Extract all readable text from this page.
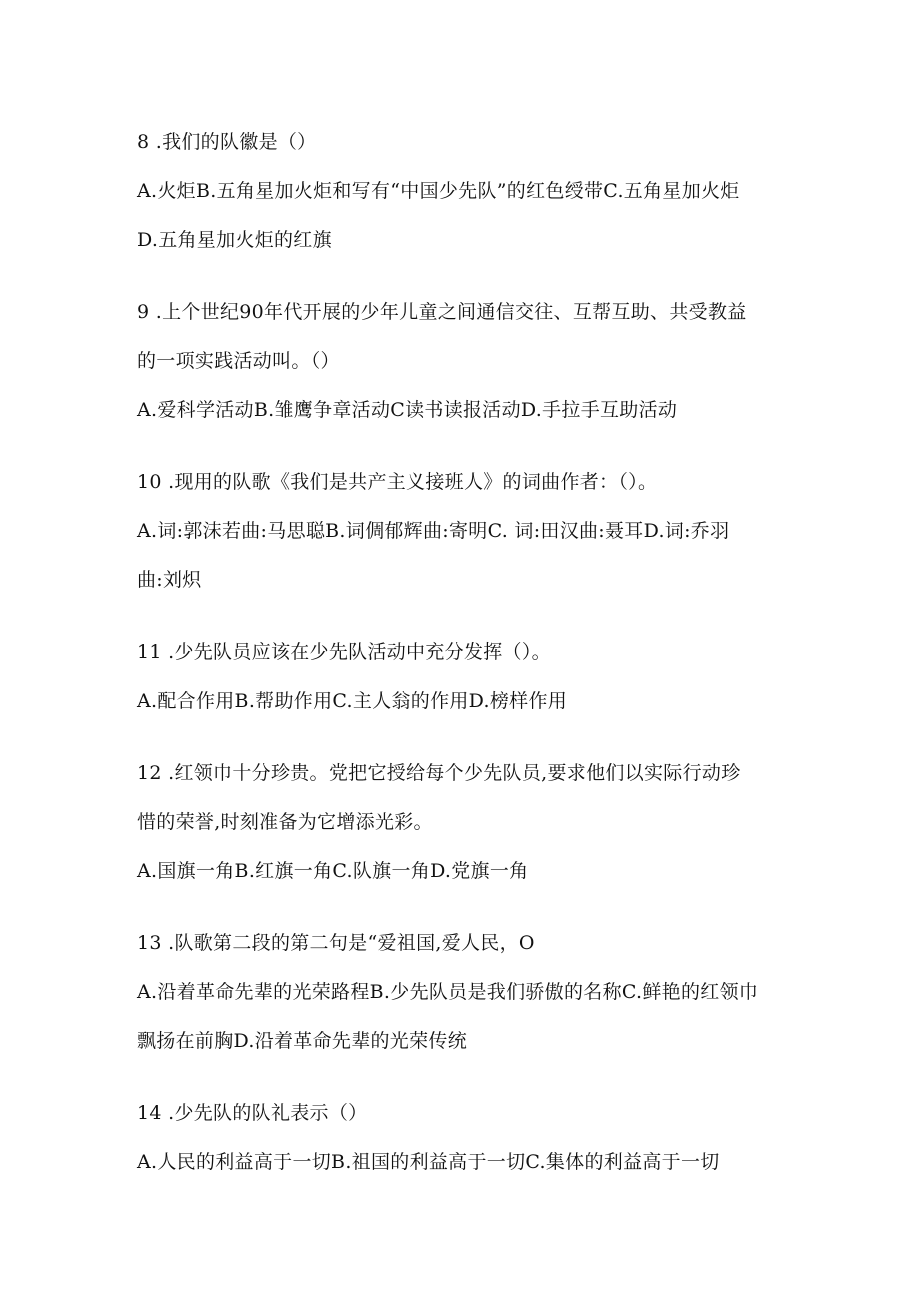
8 .我们的队徽是（）
A.火炬B.五角星加火炬和写有“中国少先队”的红色绶带C.五角星加火炬
D.五角星加火炬的红旗
9 .上个世纪90年代开展的少年儿童之间通信交往、互帮互助、共受教益
的一项实践活动叫。（）
A.爱科学活动B.雏鹰争章活动C读书读报活动D.手拉手互助活动
10 .现用的队歌《我们是共产主义接班人》的词曲作者：（）。
A.词:郭沫若曲:马思聪B.词倜郁辉曲:寄明C. 词:田汉曲:聂耳D.词:乔羽
曲:刘炽
11 .少先队员应该在少先队活动中充分发挥（）。
A.配合作用B.帮助作用C.主人翁的作用D.榜样作用
12 .红领巾十分珍贵。党把它授给每个少先队员,要求他们以实际行动珍
惜的荣誉,时刻准备为它增添光彩。
A.国旗一角B.红旗一角C.队旗一角D.党旗一角
13 .队歌第二段的第二句是“爱祖国,爱人民，O
A.沿着革命先辈的光荣路程B.少先队员是我们骄傲的名称C.鲜艳的红领巾
飘扬在前胸D.沿着革命先辈的光荣传统
14 .少先队的队礼表示（）
A.人民的利益高于一切B.祖国的利益高于一切C.集体的利益高于一切
